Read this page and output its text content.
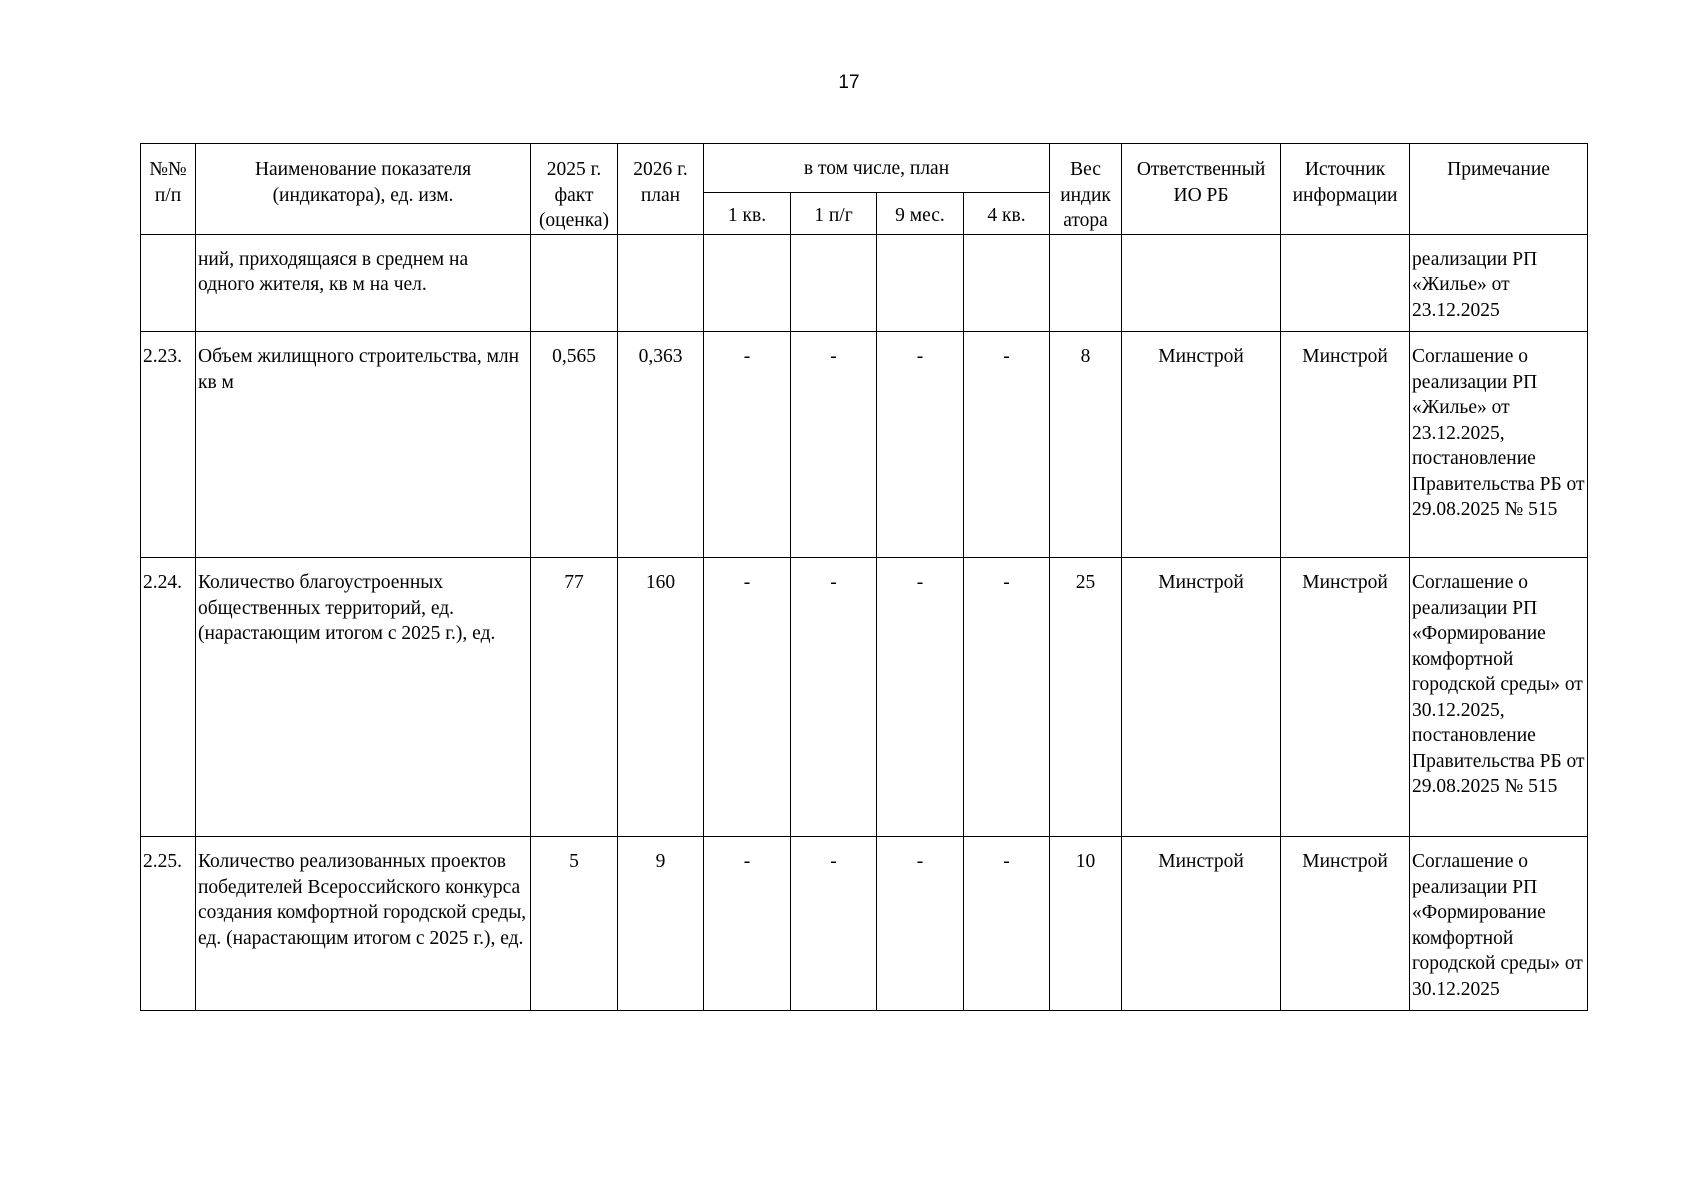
17
№№ п/п	Наименование показателя (индикатора), ед. изм.	2025 г. факт (оценка)	2026 г. план	в том числе, план				Вес индик атора	Ответственный ИО РБ	Источник информации	Примечание
				1 кв.	1 п/г	9 мес.	4 кв.				
	ний, приходящаяся в среднем на одного жителя, кв м на чел.										реализации РП «Жилье» от 23.12.2025
2.23.	Объем жилищного строительства, млн кв м	0,565	0,363	-	-	-	-	8	Минстрой	Минстрой	Соглашение о реализации РП «Жилье» от 23.12.2025, постановление Правительства РБ от 29.08.2025 № 515
2.24.	Количество благоустроенных общественных территорий, ед. (нарастающим итогом с 2025 г.), ед.	77	160	-	-	-	-	25	Минстрой	Минстрой	Соглашение о реализации РП «Формирование комфортной городской среды» от 30.12.2025, постановление Правительства РБ от 29.08.2025 № 515
2.25.	Количество реализованных проектов победителей Всероссийского конкурса создания комфортной городской среды, ед. (нарастающим итогом с 2025 г.), ед.	5	9	-	-	-	-	10	Минстрой	Минстрой	Соглашение о реализации РП «Формирование комфортной городской среды» от 30.12.2025
